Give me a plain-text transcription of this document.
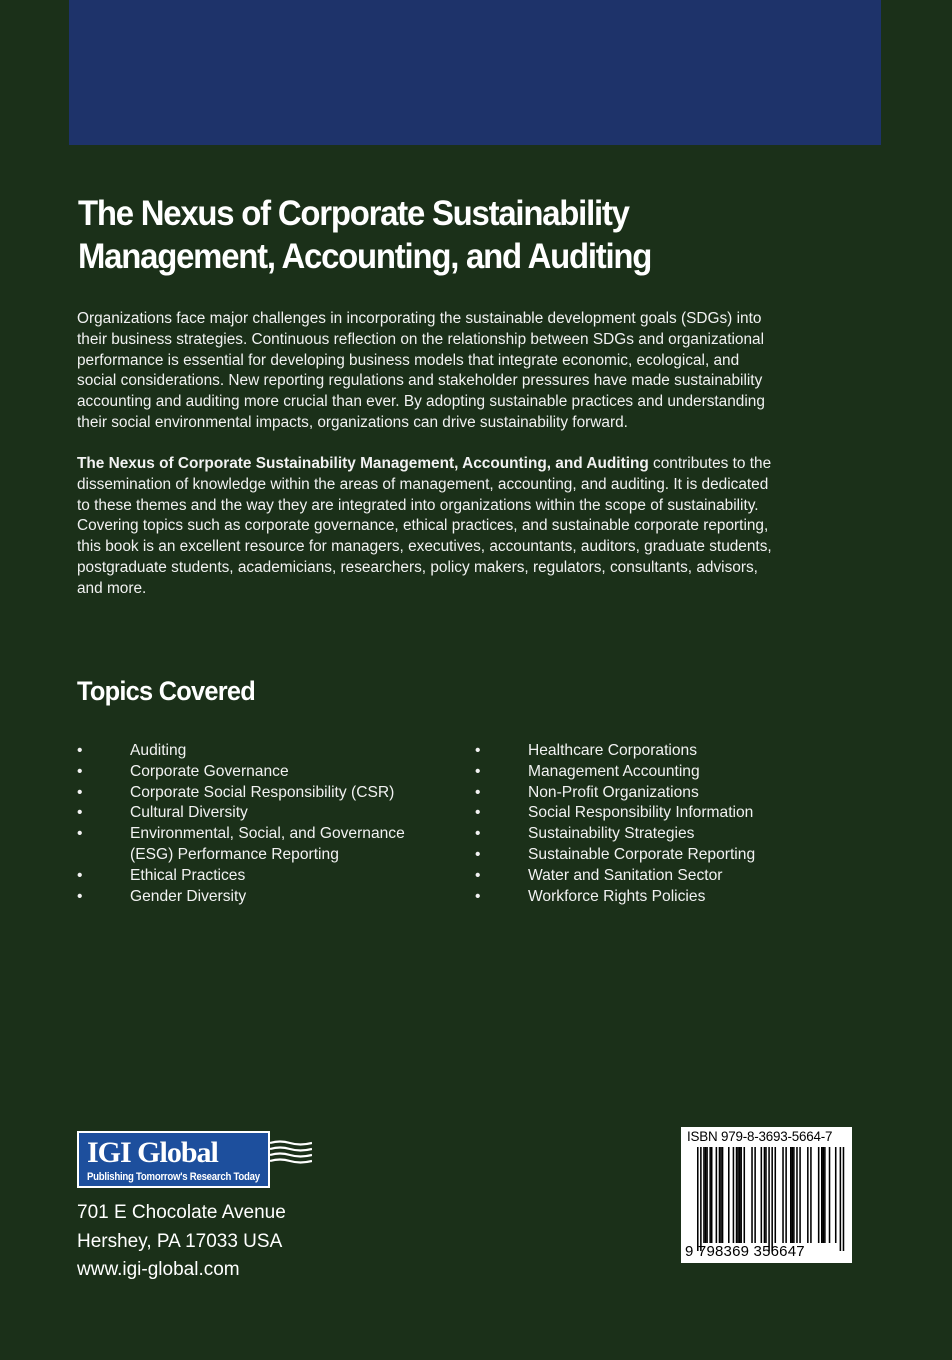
The Nexus of Corporate Sustainability
Management, Accounting, and Auditing
Organizations face major challenges in incorporating the sustainable development goals (SDGs) into
their business strategies. Continuous reflection on the relationship between SDGs and organizational
performance is essential for developing business models that integrate economic, ecological, and
social considerations. New reporting regulations and stakeholder pressures have made sustainability
accounting and auditing more crucial than ever. By adopting sustainable practices and understanding
their social environmental impacts, organizations can drive sustainability forward.
The Nexus of Corporate Sustainability Management, Accounting, and Auditing contributes to the
dissemination of knowledge within the areas of management, accounting, and auditing. It is dedicated
to these themes and the way they are integrated into organizations within the scope of sustainability.
Covering topics such as corporate governance, ethical practices, and sustainable corporate reporting,
this book is an excellent resource for managers, executives, accountants, auditors, graduate students,
postgraduate students, academicians, researchers, policy makers, regulators, consultants, advisors,
and more.
Topics Covered
•	Auditing
•	Corporate Governance
•	Corporate Social Responsibility (CSR)
•	Cultural Diversity
•	Environmental, Social, and Governance
(ESG) Performance Reporting
•	Ethical Practices
•	Gender Diversity
•	Healthcare Corporations
•	Management Accounting
•	Non-Profit Organizations
•	Social Responsibility Information
•	Sustainability Strategies
•	Sustainable Corporate Reporting
•	Water and Sanitation Sector
•	Workforce Rights Policies
IGI Global
Publishing Tomorrow's Research Today
701 E Chocolate Avenue
Hershey, PA 17033 USA
www.igi-global.com
ISBN 979-8-3693-5664-7
9 798369 356647
